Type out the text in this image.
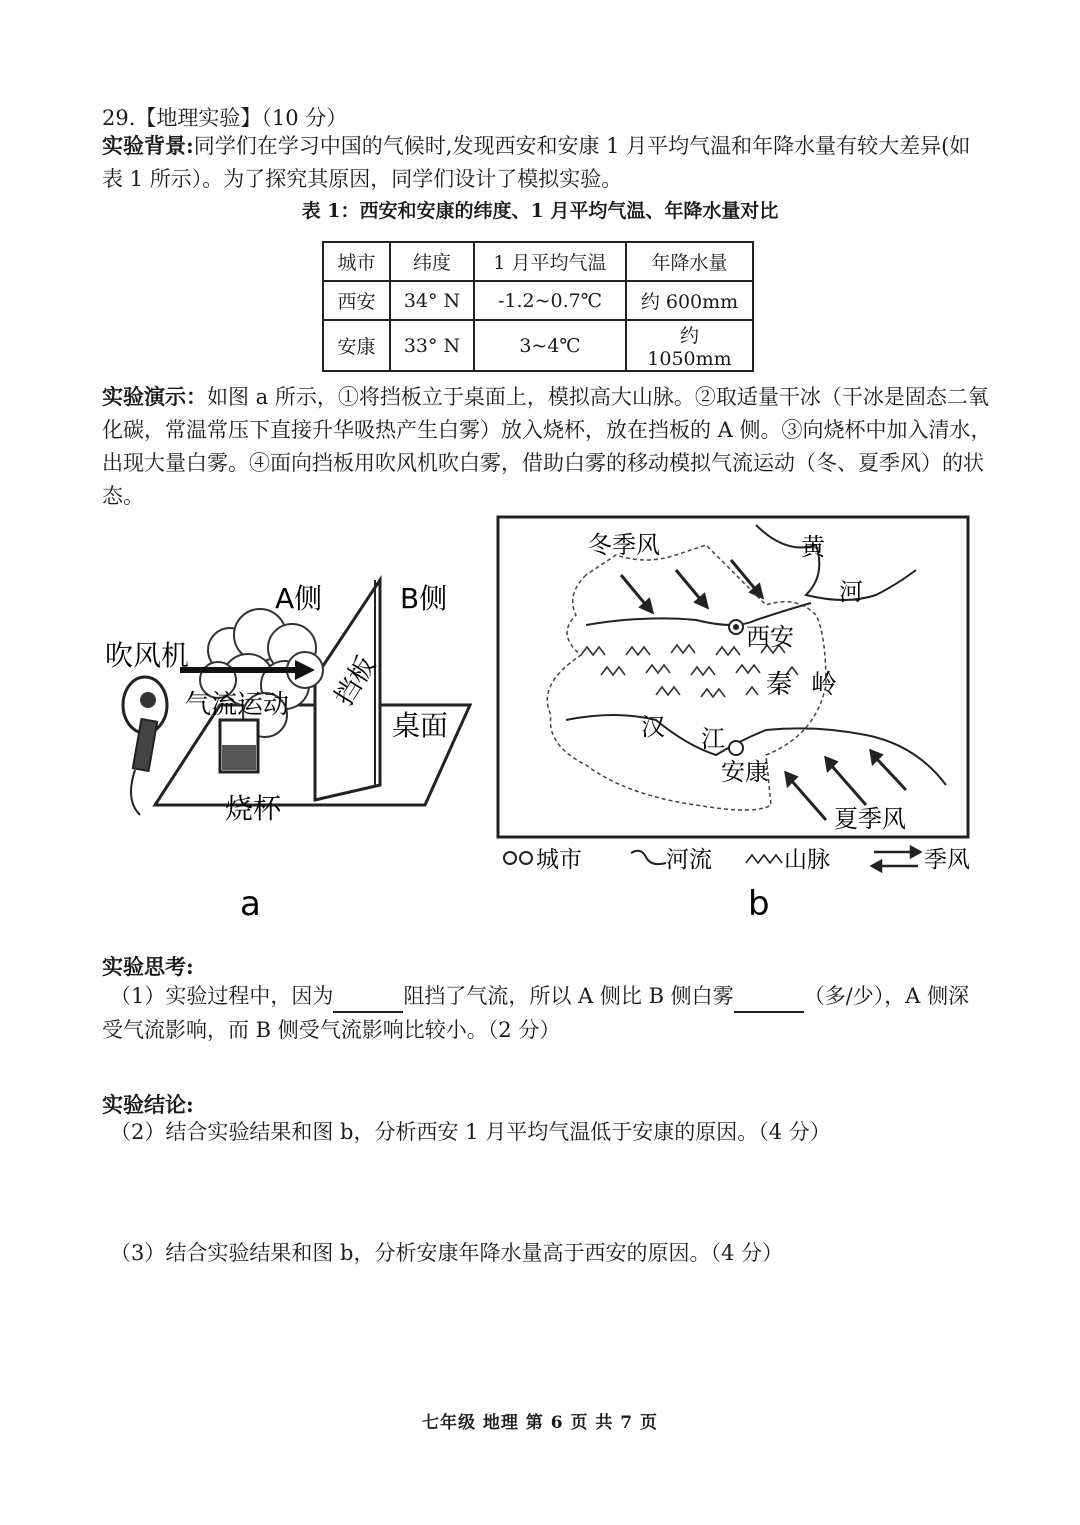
29.【地理实验】（10 分）
实验背景:同学们在学习中国的气候时,发现西安和安康 1 月平均气温和年降水量有较大差异(如
表 1 所示）。为了探究其原因，同学们设计了模拟实验。
表 1：西安和安康的纬度、1 月平均气温、年降水量对比
城市	纬度	1 月平均气温	年降水量
西安	34° N	-1.2~0.7℃	约 600mm
安康	33° N	3~4℃	约 1050mm
实验演示：如图 a 所示，①将挡板立于桌面上，模拟高大山脉。②取适量干冰（干冰是固态二氧
化碳，常温常压下直接升华吸热产生白雾）放入烧杯，放在挡板的 A 侧。③向烧杯中加入清水，
出现大量白雾。④面向挡板用吹风机吹白雾，借助白雾的移动模拟气流运动（冬、夏季风）的状
态。
A侧	B侧
吹风机
气流运动 挡板
桌面
烧杯
a
冬季风	黄
河
西安
秦 岭
汉 江
安康
夏季风
城市	河流	山脉	季风
b
实验思考:
（1）实验过程中，因为	阻挡了气流，所以 A 侧比 B 侧白雾	（多/少），A 侧深
受气流影响，而 B 侧受气流影响比较小。（2 分）
实验结论:
（2）结合实验结果和图 b，分析西安 1 月平均气温低于安康的原因。（4 分）
（3）结合实验结果和图 b，分析安康年降水量高于西安的原因。（4 分）
七年级 地理 第 6 页 共 7 页
